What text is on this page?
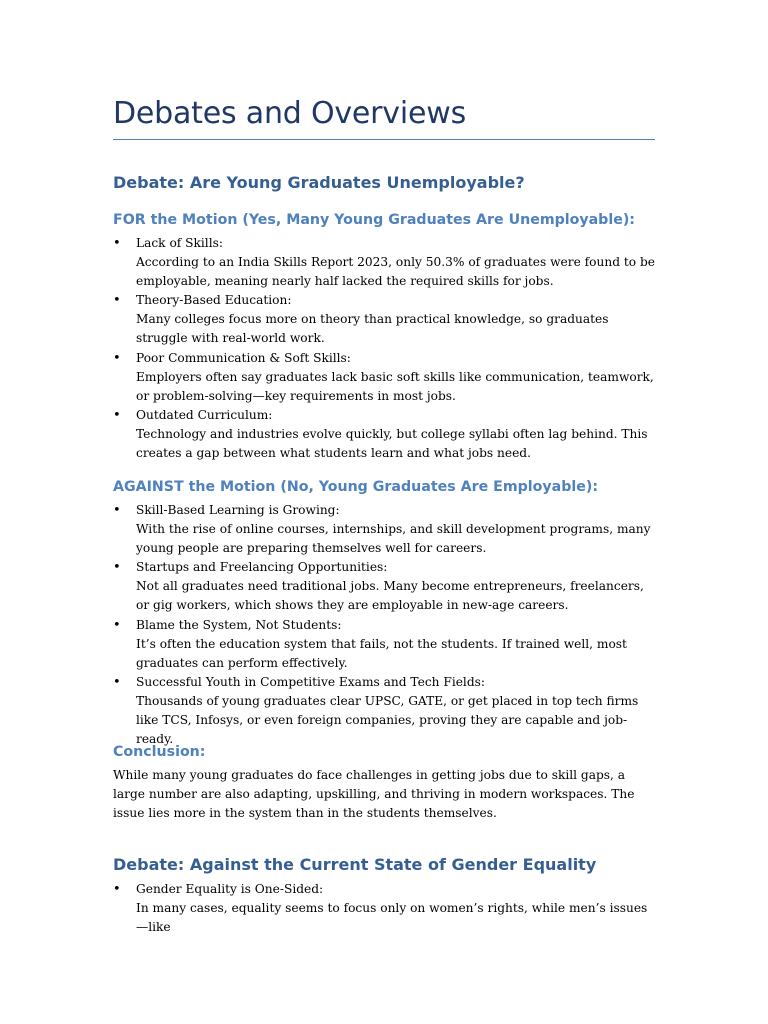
Debates and Overviews
Debate: Are Young Graduates Unemployable?
FOR the Motion (Yes, Many Young Graduates Are Unemployable):
• Lack of Skills:
According to an India Skills Report 2023, only 50.3% of graduates were found to be employable, meaning nearly half lacked the required skills for jobs.
• Theory-Based Education:
Many colleges focus more on theory than practical knowledge, so graduates struggle with real-world work.
• Poor Communication & Soft Skills:
Employers often say graduates lack basic soft skills like communication, teamwork, or problem-solving—key requirements in most jobs.
• Outdated Curriculum:
Technology and industries evolve quickly, but college syllabi often lag behind. This creates a gap between what students learn and what jobs need.
AGAINST the Motion (No, Young Graduates Are Employable):
• Skill-Based Learning is Growing:
With the rise of online courses, internships, and skill development programs, many young people are preparing themselves well for careers.
• Startups and Freelancing Opportunities:
Not all graduates need traditional jobs. Many become entrepreneurs, freelancers, or gig workers, which shows they are employable in new-age careers.
• Blame the System, Not Students:
It’s often the education system that fails, not the students. If trained well, most graduates can perform effectively.
• Successful Youth in Competitive Exams and Tech Fields:
Thousands of young graduates clear UPSC, GATE, or get placed in top tech firms like TCS, Infosys, or even foreign companies, proving they are capable and job-ready.
Conclusion:

While many young graduates do face challenges in getting jobs due to skill gaps, a large number are also adapting, upskilling, and thriving in modern workspaces. The issue lies more in the system than in the students themselves.

Debate: Against the Current State of Gender Equality
• Gender Equality is One-Sided:
In many cases, equality seems to focus only on women’s rights, while men’s issues—like
